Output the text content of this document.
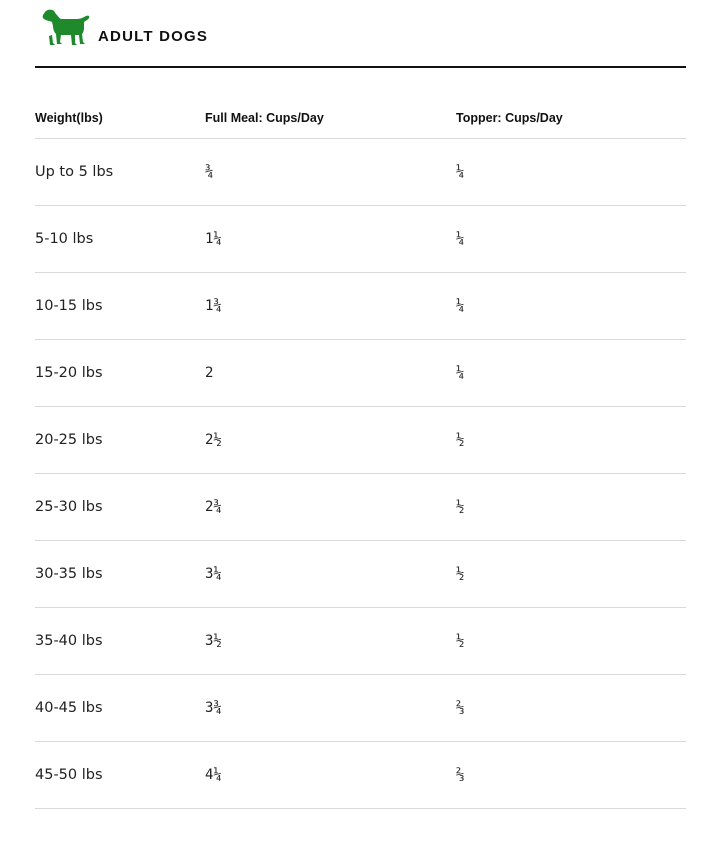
ADULT DOGS
Weight(lbs)	Full Meal: Cups/Day	Topper: Cups/Day
Up to 5 lbs	¾	¼
5-10 lbs	1¼	¼
10-15 lbs	1¾	¼
15-20 lbs	2	¼
20-25 lbs	2½	½
25-30 lbs	2¾	½
30-35 lbs	3¼	½
35-40 lbs	3½	½
40-45 lbs	3¾	⅔
45-50 lbs	4¼	⅔
